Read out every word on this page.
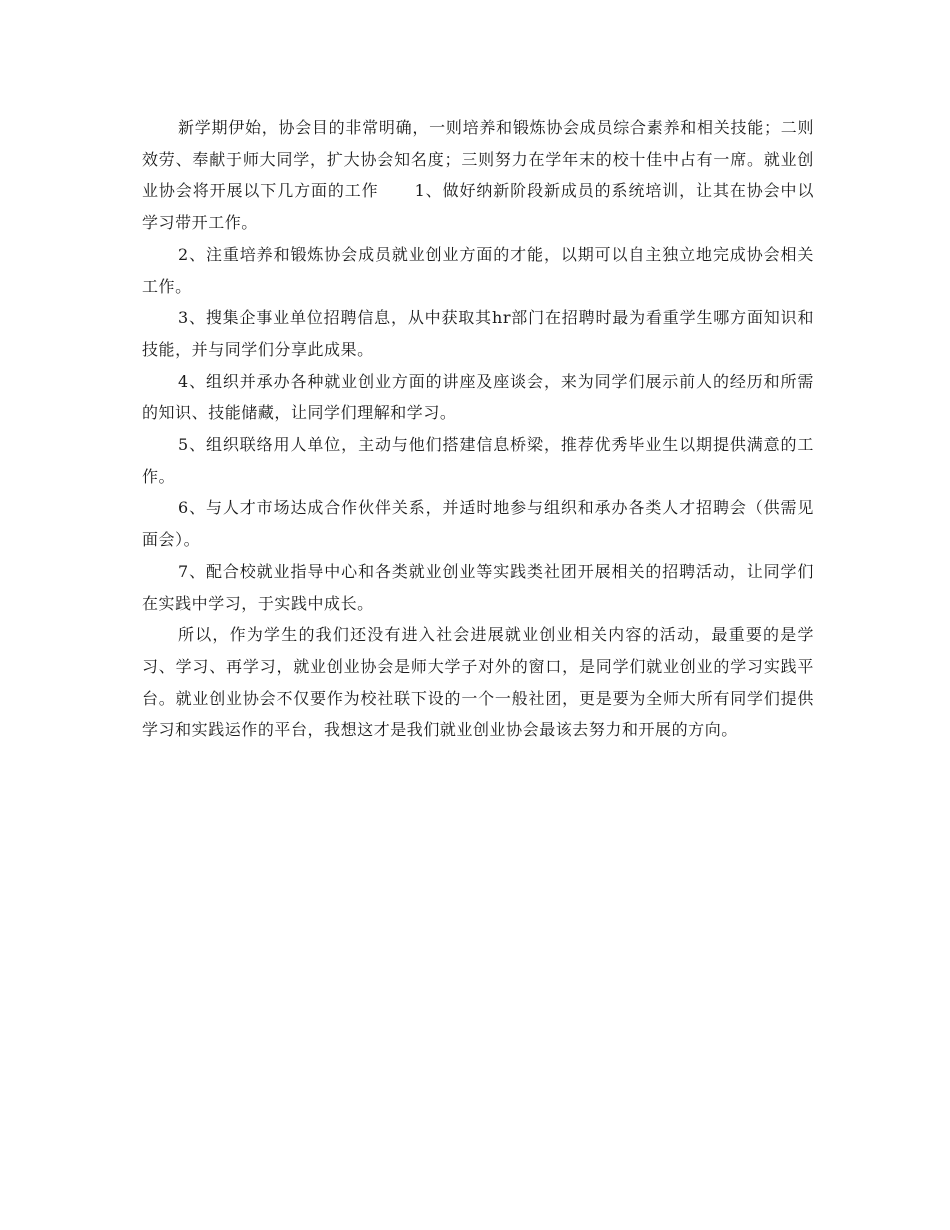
新学期伊始，协会目的非常明确，一则培养和锻炼协会成员综合素养和相关技能；二则效劳、奉献于师大同学，扩大协会知名度；三则努力在学年末的校十佳中占有一席。就业创业协会将开展以下几方面的工作 1、做好纳新阶段新成员的系统培训，让其在协会中以学习带开工作。

2、注重培养和锻炼协会成员就业创业方面的才能，以期可以自主独立地完成协会相关工作。

3、搜集企事业单位招聘信息，从中获取其hr部门在招聘时最为看重学生哪方面知识和技能，并与同学们分享此成果。

4、组织并承办各种就业创业方面的讲座及座谈会，来为同学们展示前人的经历和所需的知识、技能储藏，让同学们理解和学习。

5、组织联络用人单位，主动与他们搭建信息桥梁，推荐优秀毕业生以期提供满意的工作。

6、与人才市场达成合作伙伴关系，并适时地参与组织和承办各类人才招聘会（供需见面会）。

7、配合校就业指导中心和各类就业创业等实践类社团开展相关的招聘活动，让同学们在实践中学习，于实践中成长。

所以，作为学生的我们还没有进入社会进展就业创业相关内容的活动，最重要的是学习、学习、再学习，就业创业协会是师大学子对外的窗口，是同学们就业创业的学习实践平台。就业创业协会不仅要作为校社联下设的一个一般社团，更是要为全师大所有同学们提供学习和实践运作的平台，我想这才是我们就业创业协会最该去努力和开展的方向。
